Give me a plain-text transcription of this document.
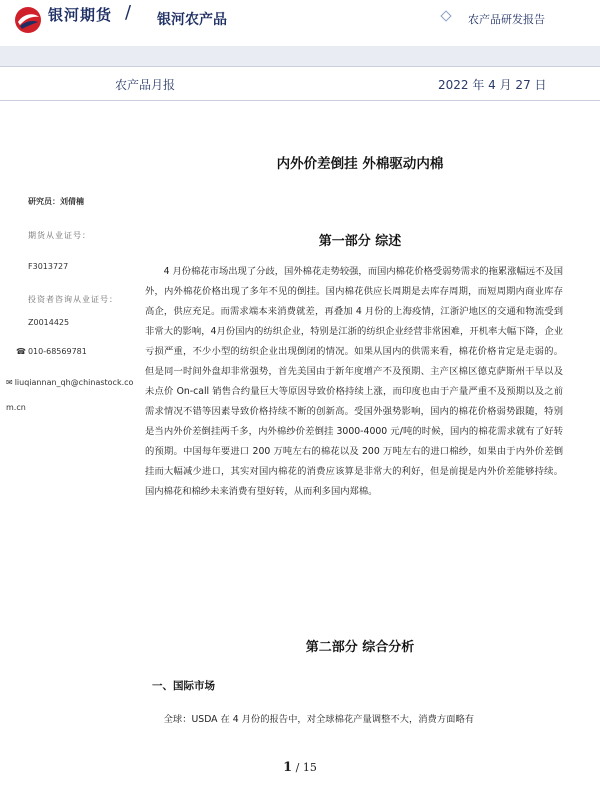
银河期货 / 银河农产品	农产品研发报告
农产品月报	2022 年 4 月 27 日
研究员：刘倩楠
期货从业证号：
F3013727
投资者咨询从业证号：
Z0014425
☎ 010-68569781
✉ liuqiannan_qh@chinastock.co
m.cn
内外价差倒挂 外棉驱动内棉
第一部分 综述

4 月份棉花市场出现了分歧，国外棉花走势较强，而国内棉花价格受弱势需求的拖累涨幅远不及国外，内外棉花价格出现了多年不见的倒挂。国内棉花供应长周期是去库存周期，而短周期内商业库存高企，供应充足。而需求端本来消费就差，再叠加 4 月份的上海疫情，江浙沪地区的交通和物流受到非常大的影响，4月份国内的纺织企业，特别是江浙的纺织企业经营非常困难，开机率大幅下降，企业亏损严重，不少小型的纺织企业出现倒闭的情况。如果从国内的供需来看，棉花价格肯定是走弱的。但是同一时间外盘却非常强势，首先美国由于新年度增产不及预期、主产区棉区德克萨斯州干旱以及未点价 On-call 销售合约量巨大等原因导致价格持续上涨，而印度也由于产量严重不及预期以及之前需求情况不错等因素导致价格持续不断的创新高。受国外强势影响，国内的棉花价格弱势跟随，特别是当内外价差倒挂两千多，内外棉纱价差倒挂 3000-4000 元/吨的时候，国内的棉花需求就有了好转的预期。中国每年要进口 200 万吨左右的棉花以及 200 万吨左右的进口棉纱，如果由于内外价差倒挂而大幅减少进口，其实对国内棉花的消费应该算是非常大的利好，但是前提是内外价差能够持续。国内棉花和棉纱未来消费有望好转，从而利多国内郑棉。

第二部分 综合分析
一、国际市场

全球：USDA 在 4 月份的报告中，对全球棉花产量调整不大，消费方面略有

1 / 15
